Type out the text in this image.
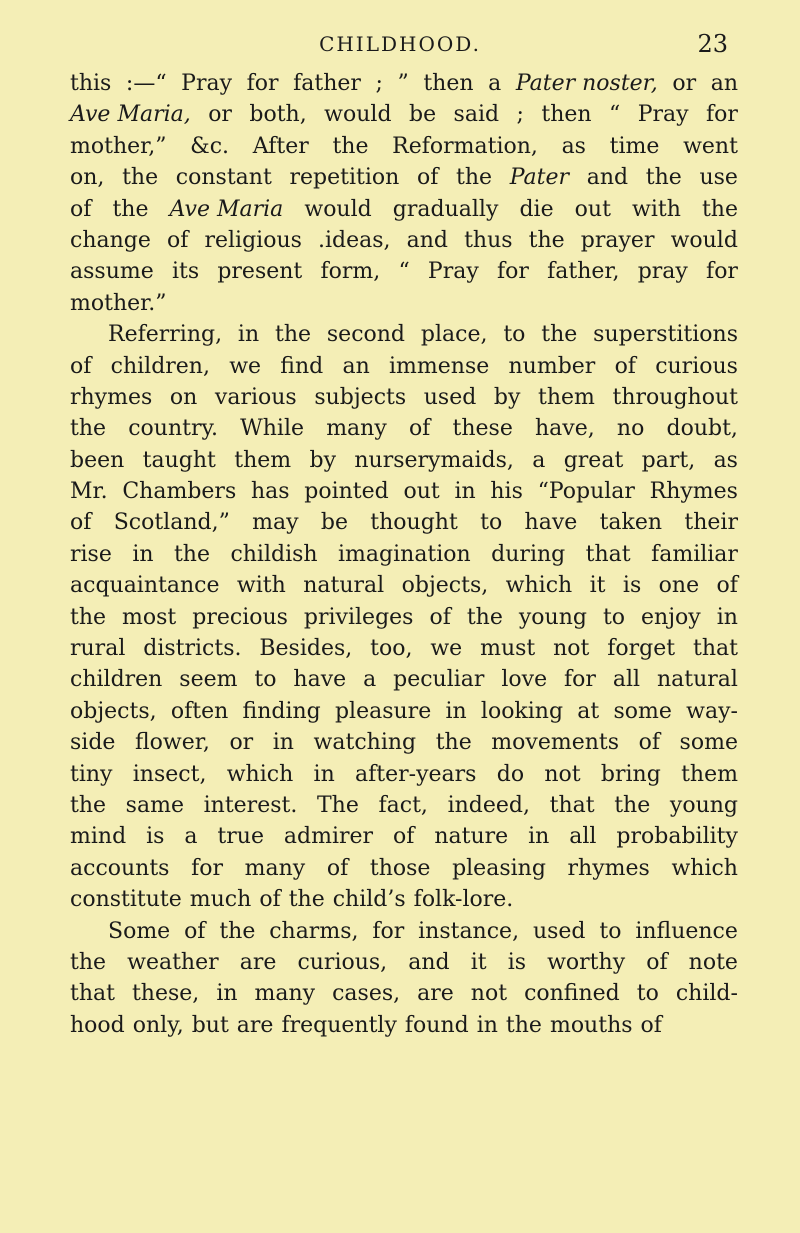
CHILDHOOD.	23
this :—“ Pray for father ; ” then a Pater noster, or an
Ave Maria, or both, would be said ; then “ Pray for
mother,” &c. After the Reformation, as time went
on, the constant repetition of the Pater and the use
of the Ave Maria would gradually die out with the
change of religious .ideas, and thus the prayer would
assume its present form, “ Pray for father, pray for
mother.”
Referring, in the second place, to the superstitions
of children, we find an immense number of curious
rhymes on various subjects used by them throughout
the country. While many of these have, no doubt,
been taught them by nurserymaids, a great part, as
Mr. Chambers has pointed out in his “Popular Rhymes
of Scotland,” may be thought to have taken their
rise in the childish imagination during that familiar
acquaintance with natural objects, which it is one of
the most precious privileges of the young to enjoy in
rural districts. Besides, too, we must not forget that
children seem to have a peculiar love for all natural
objects, often finding pleasure in looking at some way-
side flower, or in watching the movements of some
tiny insect, which in after-years do not bring them
the same interest. The fact, indeed, that the young
mind is a true admirer of nature in all probability
accounts for many of those pleasing rhymes which
constitute much of the child’s folk-lore.
Some of the charms, for instance, used to influence
the weather are curious, and it is worthy of note
that these, in many cases, are not confined to child-
hood only, but are frequently found in the mouths of
